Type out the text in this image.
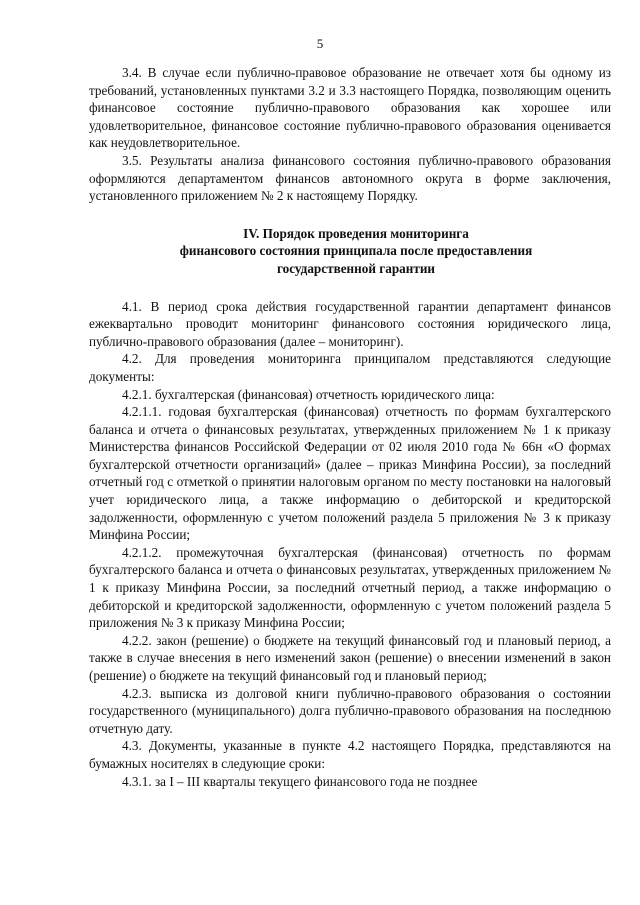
5

3.4. В случае если публично-правовое образование не отвечает хотя бы одному из требований, установленных пунктами 3.2 и 3.3 настоящего Порядка, позволяющим оценить финансовое состояние публично-правового образования как хорошее или удовлетворительное, финансовое состояние публично-правового образования оценивается как неудовлетворительное.

3.5. Результаты анализа финансового состояния публично-правового образования оформляются департаментом финансов автономного округа в форме заключения, установленного приложением № 2 к настоящему Порядку.

IV. Порядок проведения мониторинга

финансового состояния принципала после предоставления

государственной гарантии

4.1. В период срока действия государственной гарантии департамент финансов ежеквартально проводит мониторинг финансового состояния юридического лица, публично-правового образования (далее – мониторинг).

4.2. Для проведения мониторинга принципалом представляются следующие документы:

4.2.1. бухгалтерская (финансовая) отчетность юридического лица:

4.2.1.1. годовая бухгалтерская (финансовая) отчетность по формам бухгалтерского баланса и отчета о финансовых результатах, утвержденных приложением № 1 к приказу Министерства финансов Российской Федерации от 02 июля 2010 года № 66н «О формах бухгалтерской отчетности организаций» (далее – приказ Минфина России), за последний отчетный год с отметкой о принятии налоговым органом по месту постановки на налоговый учет юридического лица, а также информацию о дебиторской и кредиторской задолженности, оформленную с учетом положений раздела 5 приложения № 3 к приказу Минфина России;

4.2.1.2. промежуточная бухгалтерская (финансовая) отчетность по формам бухгалтерского баланса и отчета о финансовых результатах, утвержденных приложением № 1 к приказу Минфина России, за последний отчетный период, а также информацию о дебиторской и кредиторской задолженности, оформленную с учетом положений раздела 5 приложения № 3 к приказу Минфина России;

4.2.2. закон (решение) о бюджете на текущий финансовый год и плановый период, а также в случае внесения в него изменений закон (решение) о внесении изменений в закон (решение) о бюджете на текущий финансовый год и плановый период;

4.2.3. выписка из долговой книги публично-правового образования о состоянии государственного (муниципального) долга публично-правового образования на последнюю отчетную дату.

4.3. Документы, указанные в пункте 4.2 настоящего Порядка, представляются на бумажных носителях в следующие сроки:

4.3.1. за I – III кварталы текущего финансового года не позднее
